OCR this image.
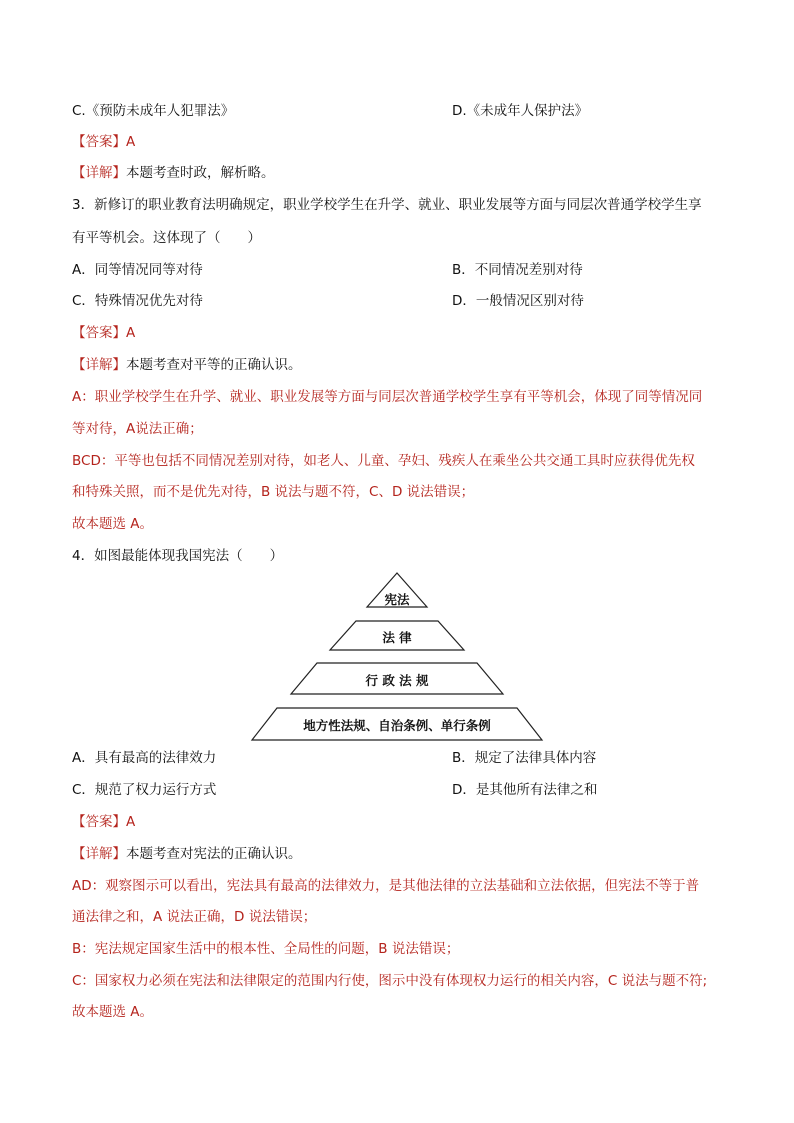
C.《预防未成年人犯罪法》	D.《未成年人保护法》
【答案】A
【详解】本题考查时政，解析略。
3．新修订的职业教育法明确规定，职业学校学生在升学、就业、职业发展等方面与同层次普通学校学生享
有平等机会。这体现了（　　）
A．同等情况同等对待	B．不同情况差别对待
C．特殊情况优先对待	D．一般情况区别对待
【答案】A
【详解】本题考查对平等的正确认识。
A：职业学校学生在升学、就业、职业发展等方面与同层次普通学校学生享有平等机会，体现了同等情况同
等对待，A说法正确；
BCD：平等也包括不同情况差别对待，如老人、儿童、孕妇、残疾人在乘坐公共交通工具时应获得优先权
和特殊关照，而不是优先对待，B 说法与题不符，C、D 说法错误；
故本题选 A。
4．如图最能体现我国宪法（　　）
宪法
法 律
行 政 法 规
地方性法规、自治条例、单行条例
A．具有最高的法律效力	B．规定了法律具体内容
C．规范了权力运行方式	D．是其他所有法律之和
【答案】A
【详解】本题考查对宪法的正确认识。
AD：观察图示可以看出，宪法具有最高的法律效力，是其他法律的立法基础和立法依据，但宪法不等于普
通法律之和，A 说法正确，D 说法错误；
B：宪法规定国家生活中的根本性、全局性的问题，B 说法错误；
C：国家权力必须在宪法和法律限定的范围内行使，图示中没有体现权力运行的相关内容，C 说法与题不符;
故本题选 A。
